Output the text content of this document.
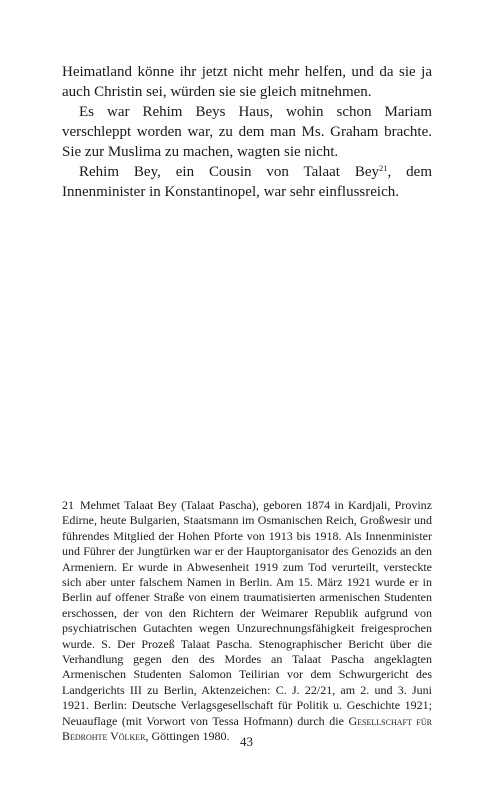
Heimatland könne ihr jetzt nicht mehr helfen, und da sie ja auch Christin sei, würden sie sie gleich mitnehmen.

Es war Rehim Beys Haus, wohin schon Mariam verschleppt worden war, zu dem man Ms. Graham brachte. Sie zur Muslima zu machen, wagten sie nicht.

Rehim Bey, ein Cousin von Talaat Bey$^{21}$, dem Innenminister in Konstantinopel, war sehr einflussreich.

21 Mehmet Talaat Bey (Talaat Pascha), geboren 1874 in Kardjali, Provinz Edirne, heute Bulgarien, Staatsmann im Osmanischen Reich, Großwesir und führendes Mitglied der Hohen Pforte von 1913 bis 1918. Als Innenminister und Führer der Jungtürken war er der Hauptorganisator des Genozids an den Armeniern. Er wurde in Abwesenheit 1919 zum Tod verurteilt, versteckte sich aber unter falschem Namen in Berlin. Am 15. März 1921 wurde er in Berlin auf offener Straße von einem traumatisierten armenischen Studenten erschossen, der von den Richtern der Weimarer Republik aufgrund von psychiatrischen Gutachten wegen Unzurechnungsfähigkeit freigesprochen wurde. S. Der Prozeß Talaat Pascha. Stenographischer Bericht über die Verhandlung gegen den des Mordes an Talaat Pascha angeklagten Armenischen Studenten Salomon Teilirian vor dem Schwurgericht des Landgerichts III zu Berlin, Aktenzeichen: C. J. 22/21, am 2. und 3. Juni 1921. Berlin: Deutsche Verlagsgesellschaft für Politik u. Geschichte 1921; Neuauflage (mit Vorwort von Tessa Hofmann) durch die Gesellschaft für Bedrohte Völker, Göttingen 1980. 43
